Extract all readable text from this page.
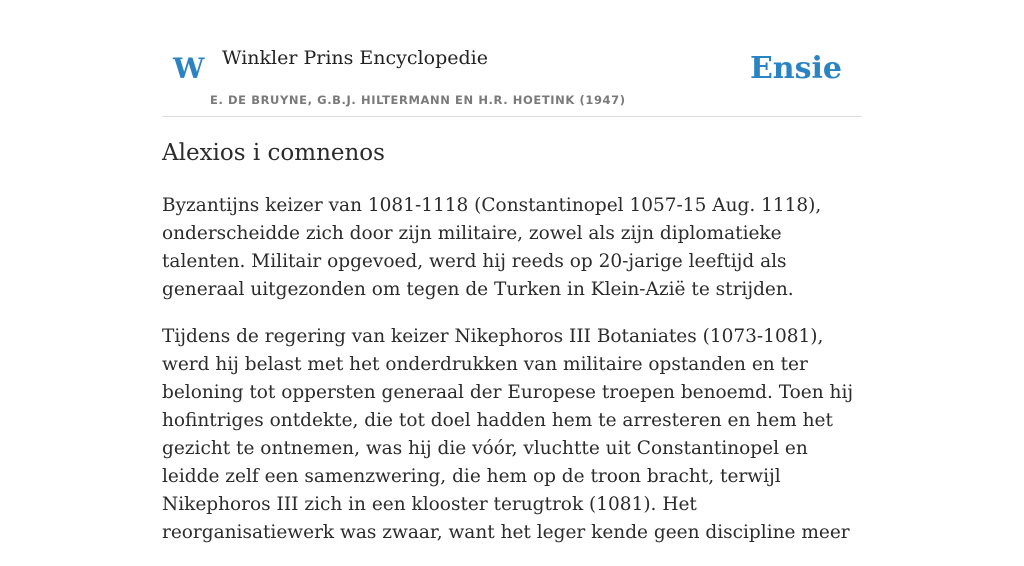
W Winkler Prins Encyclopedie
E. DE BRUYNE, G.B.J. HILTERMANN EN H.R. HOETINK (1947)
Ensie
Alexios i comnenos

Byzantijns keizer van 1081-1118 (Constantinopel 1057-15 Aug. 1118), onderscheidde zich door zijn militaire, zowel als zijn diplomatieke talenten. Militair opgevoed, werd hij reeds op 20-jarige leeftijd als generaal uitgezonden om tegen de Turken in Klein-Azië te strijden.

Tijdens de regering van keizer Nikephoros III Botaniates (1073-1081), werd hij belast met het onderdrukken van militaire opstanden en ter beloning tot oppersten generaal der Europese troepen benoemd. Toen hij hofintriges ontdekte, die tot doel hadden hem te arresteren en hem het gezicht te ontnemen, was hij die vóór, vluchtte uit Constantinopel en leidde zelf een samenzwering, die hem op de troon bracht, terwijl Nikephoros III zich in een klooster terugtrok (1081). Het reorganisatiewerk was zwaar, want het leger kende geen discipline meer
